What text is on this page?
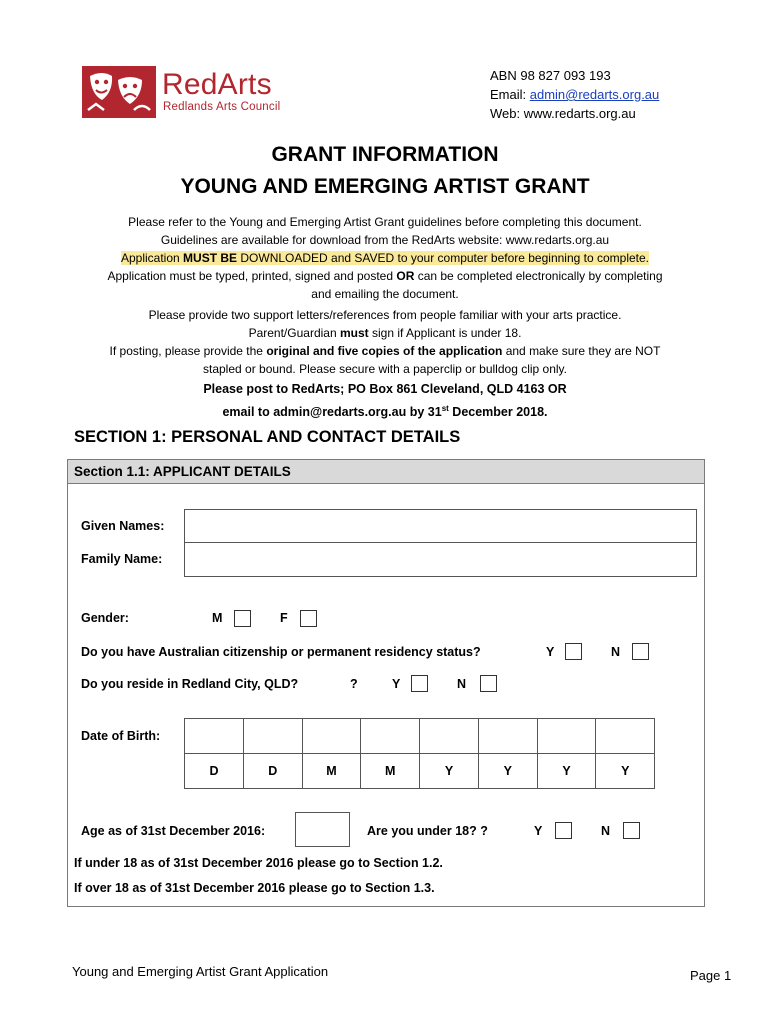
RedArts
Redlands Arts Council
ABN 98 827 093 193
Email: admin@redarts.org.au
Web: www.redarts.org.au
GRANT INFORMATION
YOUNG AND EMERGING ARTIST GRANT
Please refer to the Young and Emerging Artist Grant guidelines before completing this document.
Guidelines are available for download from the RedArts website: www.redarts.org.au
Application MUST BE DOWNLOADED and SAVED to your computer before beginning to complete.
Application must be typed, printed, signed and posted OR can be completed electronically by completing
and emailing the document.
Please provide two support letters/references from people familiar with your arts practice.
Parent/Guardian must sign if Applicant is under 18.
If posting, please provide the original and five copies of the application and make sure they are NOT
stapled or bound. Please secure with a paperclip or bulldog clip only.
Please post to RedArts; PO Box 861 Cleveland, QLD 4163 OR
email to admin@redarts.org.au by 31st December 2018.
SECTION 1: PERSONAL AND CONTACT DETAILS
Section 1.1: APPLICANT DETAILS
Given Names:
Family Name:
Gender:	M	F
Do you have Australian citizenship or permanent residency status?	Y	N
Do you reside in Redland City, QLD?	?	Y	N
Date of Birth:
D	D	M	M	Y	Y	Y	Y
Age as of 31st December 2016:	Are you under 18? ?	Y	N
If under 18 as of 31st December 2016 please go to Section 1.2.
If over 18 as of 31st December 2016 please go to Section 1.3.
Young and Emerging Artist Grant Application	Page 1
